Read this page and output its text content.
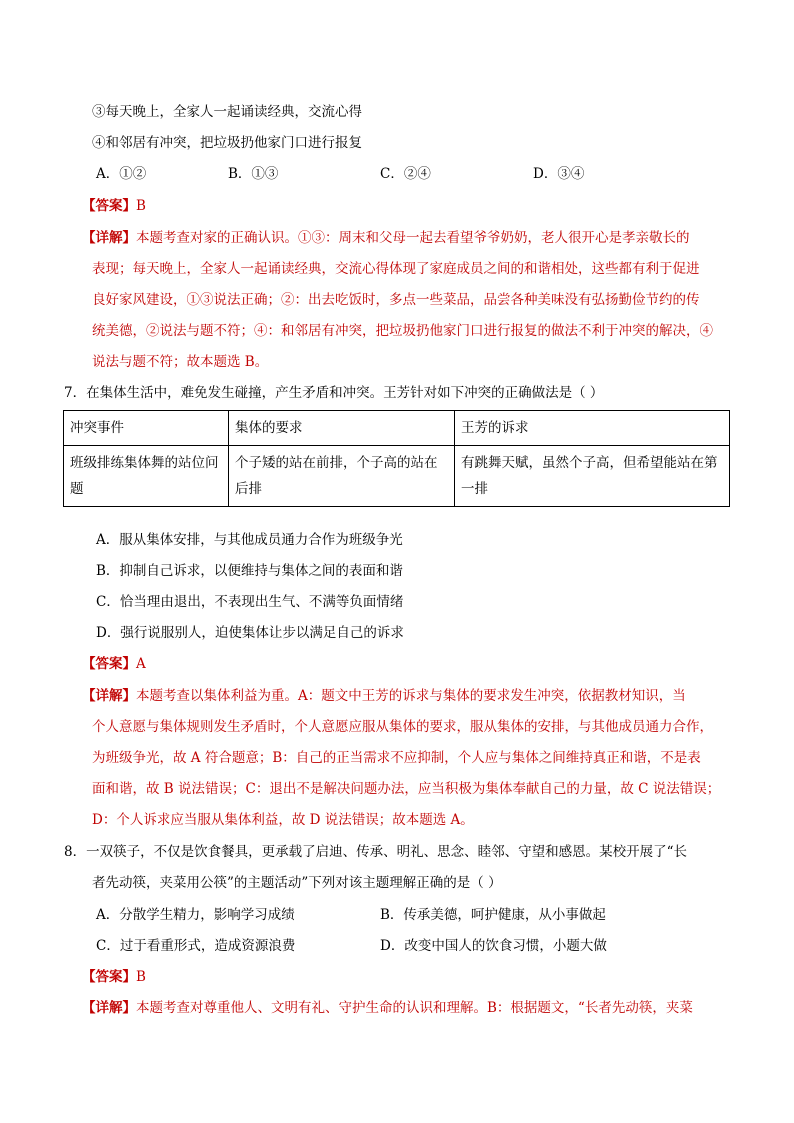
③每天晚上，全家人一起诵读经典，交流心得
④和邻居有冲突，把垃圾扔他家门口进行报复
A．①②	B．①③	C．②④	D．③④
【答案】B
【详解】本题考查对家的正确认识。①③：周末和父母一起去看望爷爷奶奶，老人很开心是孝亲敬长的
表现；每天晚上，全家人一起诵读经典，交流心得体现了家庭成员之间的和谐相处，这些都有利于促进
良好家风建设，①③说法正确；②：出去吃饭时，多点一些菜品，品尝各种美味没有弘扬勤俭节约的传
统美德，②说法与题不符；④：和邻居有冲突，把垃圾扔他家门口进行报复的做法不利于冲突的解决，④
说法与题不符；故本题选 B。
7．在集体生活中，难免发生碰撞，产生矛盾和冲突。王芳针对如下冲突的正确做法是（ ）
冲突事件	集体的要求	王芳的诉求
班级排练集体舞的站位问题	个子矮的站在前排，个子高的站在后排	有跳舞天赋，虽然个子高，但希望能站在第一排
A．服从集体安排，与其他成员通力合作为班级争光
B．抑制自己诉求，以便维持与集体之间的表面和谐
C．恰当理由退出，不表现出生气、不满等负面情绪
D．强行说服别人，迫使集体让步以满足自己的诉求
【答案】A
【详解】本题考查以集体利益为重。A：题文中王芳的诉求与集体的要求发生冲突，依据教材知识，当
个人意愿与集体规则发生矛盾时，个人意愿应服从集体的要求，服从集体的安排，与其他成员通力合作，
为班级争光，故 A 符合题意；B：自己的正当需求不应抑制，个人应与集体之间维持真正和谐，不是表
面和谐，故 B 说法错误；C：退出不是解决问题办法，应当积极为集体奉献自己的力量，故 C 说法错误；
D：个人诉求应当服从集体利益，故 D 说法错误；故本题选 A。
8．一双筷子，不仅是饮食餐具，更承载了启迪、传承、明礼、思念、睦邻、守望和感恩。某校开展了“长
者先动筷，夹菜用公筷”的主题活动”下列对该主题理解正确的是（ ）
A．分散学生精力，影响学习成绩	B．传承美德，呵护健康，从小事做起
C．过于看重形式，造成资源浪费	D．改变中国人的饮食习惯，小题大做
【答案】B
【详解】本题考查对尊重他人、文明有礼、守护生命的认识和理解。B：根据题文，“长者先动筷，夹菜
